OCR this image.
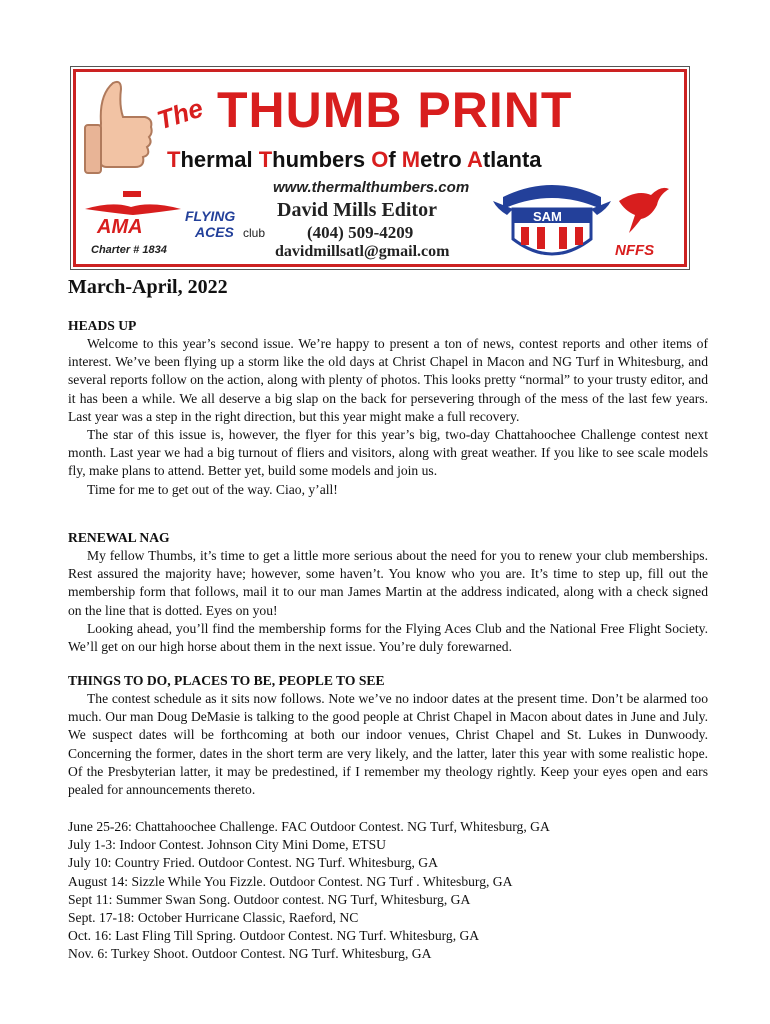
The THUMB PRINT
Thermal Thumbers Of Metro Atlanta
www.thermalthumbers.com
David Mills Editor
(404) 509-4209
davidmillsatl@gmail.com
AMA
Charter # 1834
FLYING
ACES club
SAM
NFFS
March-April, 2022
HEADS UP

Welcome to this year’s second issue. We’re happy to present a ton of news, contest reports and other items of interest. We’ve been flying up a storm like the old days at Christ Chapel in Macon and NG Turf in Whitesburg, and several reports follow on the action, along with plenty of photos. This looks pretty “normal” to your trusty editor, and it has been a while. We all deserve a big slap on the back for persevering through of the mess of the last few years. Last year was a step in the right direction, but this year might make a full recovery.

The star of this issue is, however, the flyer for this year’s big, two-day Chattahoochee Challenge contest next month. Last year we had a big turnout of fliers and visitors, along with great weather. If you like to see scale models fly, make plans to attend. Better yet, build some models and join us.

Time for me to get out of the way. Ciao, y’all!

RENEWAL NAG

My fellow Thumbs, it’s time to get a little more serious about the need for you to renew your club memberships. Rest assured the majority have; however, some haven’t. You know who you are. It’s time to step up, fill out the membership form that follows, mail it to our man James Martin at the address indicated, along with a check signed on the line that is dotted. Eyes on you!

Looking ahead, you’ll find the membership forms for the Flying Aces Club and the National Free Flight Society. We’ll get on our high horse about them in the next issue. You’re duly forewarned.

THINGS TO DO, PLACES TO BE, PEOPLE TO SEE

The contest schedule as it sits now follows. Note we’ve no indoor dates at the present time. Don’t be alarmed too much. Our man Doug DeMasie is talking to the good people at Christ Chapel in Macon about dates in June and July. We suspect dates will be forthcoming at both our indoor venues, Christ Chapel and St. Lukes in Dunwoody. Concerning the former, dates in the short term are very likely, and the latter, later this year with some realistic hope. Of the Presbyterian latter, it may be predestined, if I remember my theology rightly. Keep your eyes open and ears pealed for announcements thereto.

June 25-26: Chattahoochee Challenge. FAC Outdoor Contest. NG Turf, Whitesburg, GA
July 1-3: Indoor Contest. Johnson City Mini Dome, ETSU
July 10: Country Fried. Outdoor Contest. NG Turf. Whitesburg, GA
August 14: Sizzle While You Fizzle. Outdoor Contest. NG Turf . Whitesburg, GA
Sept 11: Summer Swan Song. Outdoor contest. NG Turf, Whitesburg, GA
Sept. 17-18: October Hurricane Classic, Raeford, NC
Oct. 16: Last Fling Till Spring. Outdoor Contest. NG Turf. Whitesburg, GA
Nov. 6: Turkey Shoot. Outdoor Contest. NG Turf. Whitesburg, GA
